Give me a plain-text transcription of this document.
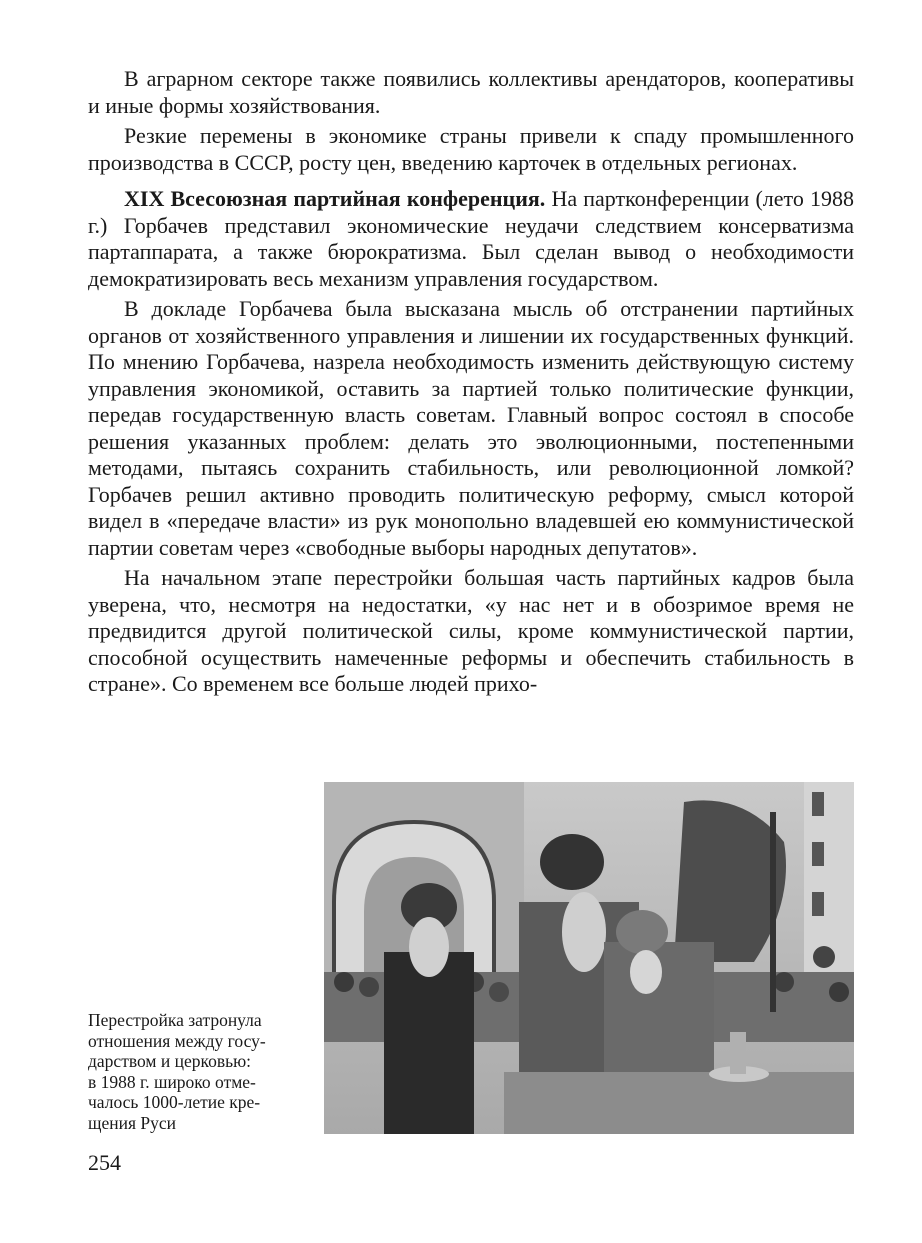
В аграрном секторе также появились коллективы арендаторов, кооперативы и иные формы хозяйствования.

Резкие перемены в экономике страны привели к спаду промышленного производства в СССР, росту цен, введению карточек в отдельных регионах.

XIX Всесоюзная партийная конференция. На партконференции (лето 1988 г.) Горбачев представил экономические неудачи следствием консерватизма партаппарата, а также бюрократизма. Был сделан вывод о необходимости демократизировать весь механизм управления государством.

В докладе Горбачева была высказана мысль об отстранении партийных органов от хозяйственного управления и лишении их государственных функций. По мнению Горбачева, назрела необходимость изменить действующую систему управления экономикой, оставить за партией только политические функции, передав государственную власть советам. Главный вопрос состоял в способе решения указанных проблем: делать это эволюционными, постепенными методами, пытаясь сохранить стабильность, или революционной ломкой? Горбачев решил активно проводить политическую реформу, смысл которой видел в «передаче власти» из рук монопольно владевшей ею коммунистической партии советам через «свободные выборы народных депутатов».

На начальном этапе перестройки большая часть партийных кадров была уверена, что, несмотря на недостатки, «у нас нет и в обозримое время не предвидится другой политической силы, кроме коммунистической партии, способной осуществить намеченные реформы и обеспечить стабильность в стране». Со временем все больше людей прихо-

Перестройка затронула
отношения между госу-
дарством и церковью:
в 1988 г. широко отме-
чалось 1000-летие кре-
щения Руси
254
